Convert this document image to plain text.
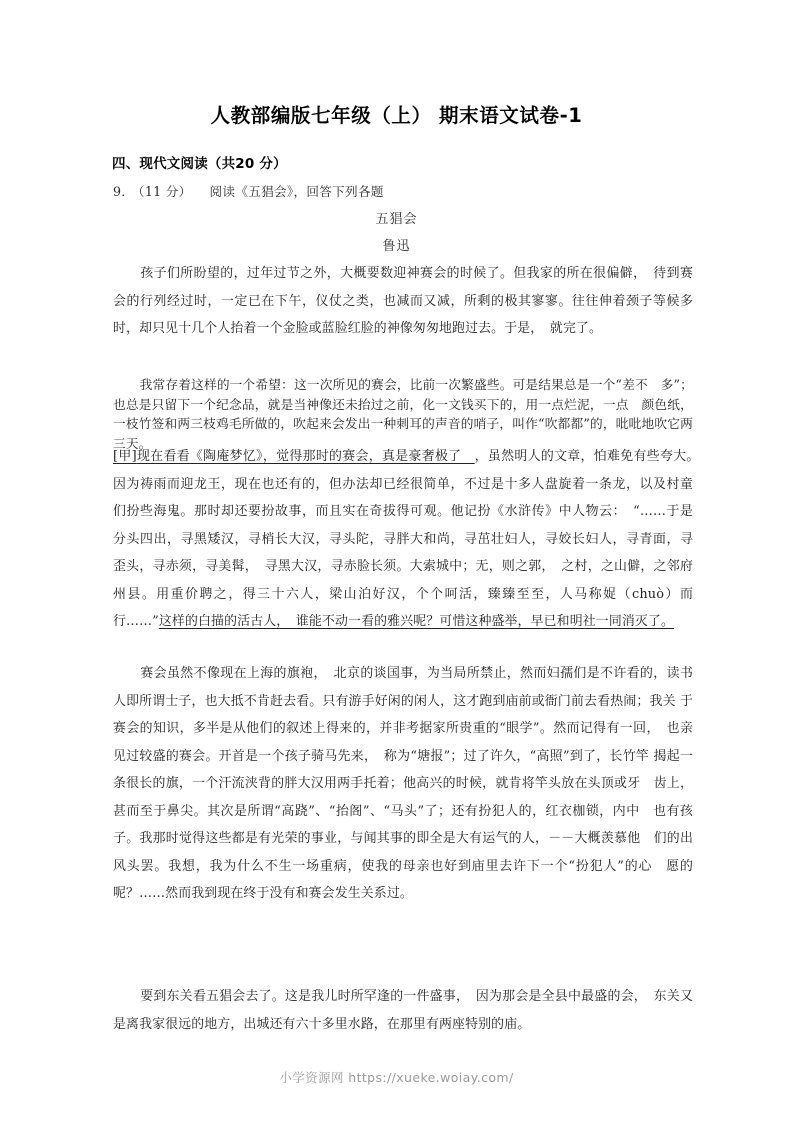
人教部编版七年级（上） 期末语文试卷-1
四、现代文阅读（共20 分）
9． （11 分） 阅读《五猖会》，回答下列各题
五猖会
鲁迅
孩子们所盼望的，过年过节之外，大概要数迎神赛会的时候了。但我家的所在很偏僻，　待到赛 会的行列经过时，一定已在下午，仪仗之类，也减而又减，所剩的极其寥寥。往往伸着颈子等候多 时，却只见十几个人抬着一个金脸或蓝脸红脸的神像匆匆地跑过去。于是，　就完了。
我常存着这样的一个希望：这一次所见的赛会，比前一次繁盛些。可是结果总是一个“差不　多”；也总是只留下一个纪念品，就是当神像还未抬过之前，化一文钱买下的，用一点烂泥，一点　颜色纸，一枝竹签和两三枝鸡毛所做的，吹起来会发出一种刺耳的声音的哨子，叫作“吹都都”的，吡吡地吹它两三天。
[甲]现在看看《陶庵梦忆》，觉得那时的赛会，真是豪奢极了　，虽然明人的文章，怕难免有些夸大。　因为祷雨而迎龙王，现在也还有的，但办法却已经很简单，不过是十多人盘旋着一条龙，以及村童　们扮些海鬼。那时却还要扮故事，而且实在奇拔得可观。他记扮《水浒传》中人物云：　“……于是　分头四出，寻黑矮汉，寻梢长大汉，寻头陀，寻胖大和尚，寻茁壮妇人，寻姣长妇人，寻青面，寻　歪头，寻赤须，寻美髯，　寻黑大汉，寻赤脸长须。大索城中；无，则之郭，　之村，之山僻，之邻府　州县。用重价聘之，得三十六人，梁山泊好汉，个个呵活，臻臻至至，人马称娖（chuò）而行……”这样的白描的活古人，　谁能不动一看的雅兴呢？可惜这种盛举，早已和明社一同消灭了。
赛会虽然不像现在上海的旗袍，　北京的谈国事，为当局所禁止，然而妇孺们是不许看的，读书 人即所谓士子，也大抵不肯赶去看。只有游手好闲的闲人，这才跑到庙前或衙门前去看热闹；我关 于赛会的知识，多半是从他们的叙述上得来的，并非考据家所贵重的“眼学”。然而记得有一回，　也亲见过较盛的赛会。开首是一个孩子骑马先来，　称为“塘报”；过了许久，“高照”到了，长竹竿 揭起一条很长的旗，一个汗流浃背的胖大汉用两手托着；他高兴的时候，就肯将竿头放在头顶或牙　齿上，甚而至于鼻尖。其次是所谓“高跷”、“抬阁”、“马头”了；还有扮犯人的，红衣枷锁，内中　也有孩子。我那时觉得这些都是有光荣的事业，与闻其事的即全是大有运气的人，－－大概羡慕他　们的出风头罢。我想，我为什么不生一场重病，使我的母亲也好到庙里去许下一个“扮犯人”的心　愿的呢？……然而我到现在终于没有和赛会发生关系过。
要到东关看五猖会去了。这是我儿时所罕逢的一件盛事，　因为那会是全县中最盛的会，　东关又　是离我家很远的地方，出城还有六十多里水路，在那里有两座特别的庙。
小学资源网 https://xueke.woiay.com/
